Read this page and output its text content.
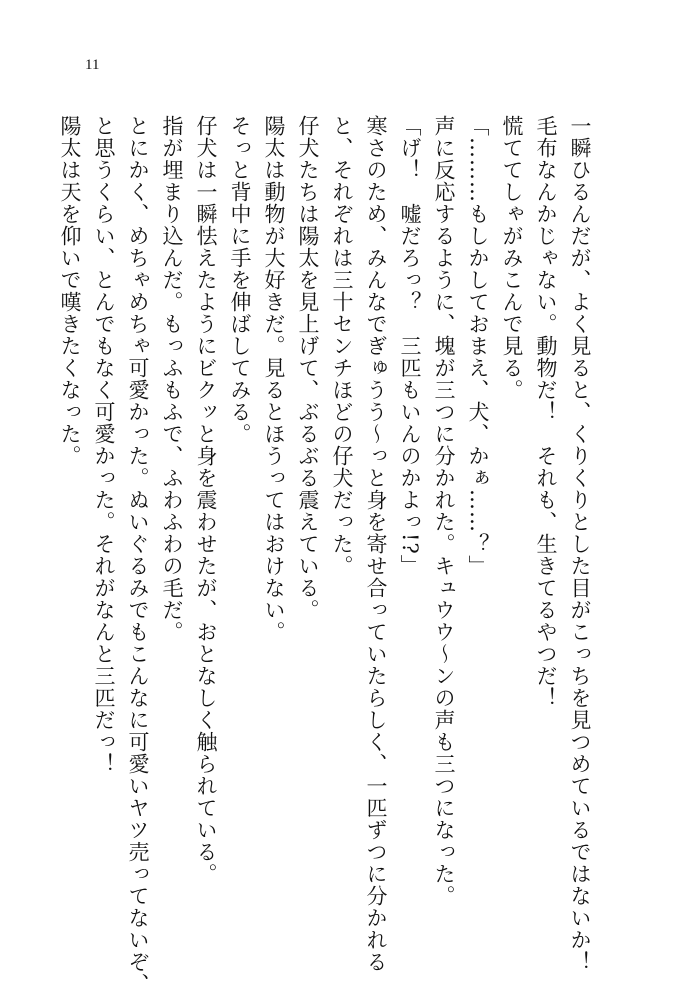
11
一瞬ひるんだが、よく見ると、くりくりとした目がこっちを見つめているではないか！
毛布なんかじゃない。動物だ！　それも、生きてるやつだ！
慌ててしゃがみこんで見る。
「………もしかしておまえ、犬、かぁ……？」
声に反応するように、塊が三つに分かれた。キュウウ～ンの声も三つになった。
「げ！　嘘だろっ？　三匹もいんのかよっ!?」
寒さのため、みんなでぎゅうう～っと身を寄せ合っていたらしく、一匹ずつに分かれる
と、それぞれは三十センチほどの仔犬だった。
仔犬たちは陽太を見上げて、ぶるぶる震えている。
陽太は動物が大好きだ。見るとほうってはおけない。
そっと背中に手を伸ばしてみる。
仔犬は一瞬怯えたようにビクッと身を震わせたが、おとなしく触られている。
指が埋まり込んだ。もっふもふで、ふわふわの毛だ。
とにかく、めちゃめちゃ可愛かった。ぬいぐるみでもこんなに可愛いヤツ売ってないぞ、
と思うくらい、とんでもなく可愛かった。それがなんと三匹だっ！
陽太は天を仰いで嘆きたくなった。
